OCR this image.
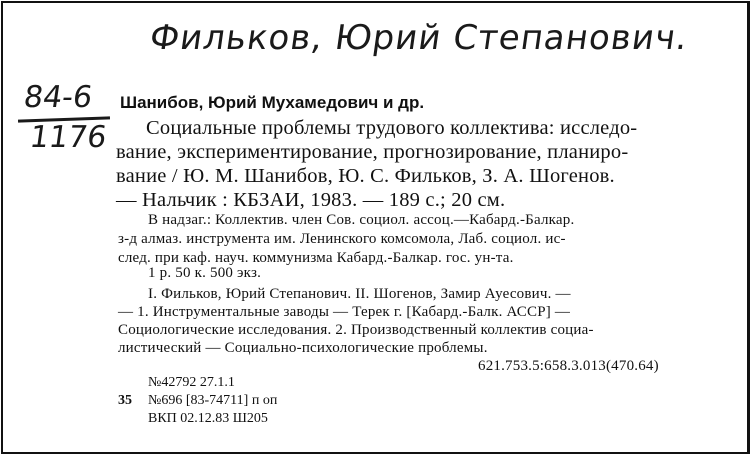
Фильков, Юрий Степанович.
84-6
1176
Шанибов, Юрий Мухамедович и др.
Социальные проблемы трудового коллектива: исследо-
вание, экспериментирование, прогнозирование, планиро-
вание / Ю. М. Шанибов, Ю. С. Фильков, З. А. Шогенов.
— Нальчик : КБЗАИ, 1983. — 189 с.; 20 см.
В надзаг.: Коллектив. член Сов. социол. ассоц.—Кабард.-Балкар.
з-д алмаз. инструмента им. Ленинского комсомола, Лаб. социол. ис-
след. при каф. науч. коммунизма Кабард.-Балкар. гос. ун-та.
1 р. 50 к. 500 экз.
I. Фильков, Юрий Степанович. II. Шогенов, Замир Ауесович. —
— 1. Инструментальные заводы — Терек г. [Кабард.-Балк. АССР] —
Социологические исследования. 2. Производственный коллектив социа-
листический — Социально-психологические проблемы.
621.753.5:658.3.013(470.64)
№42792 27.1.1
35 №696 [83-74711] п оп
ВКП 02.12.83 Ш205
